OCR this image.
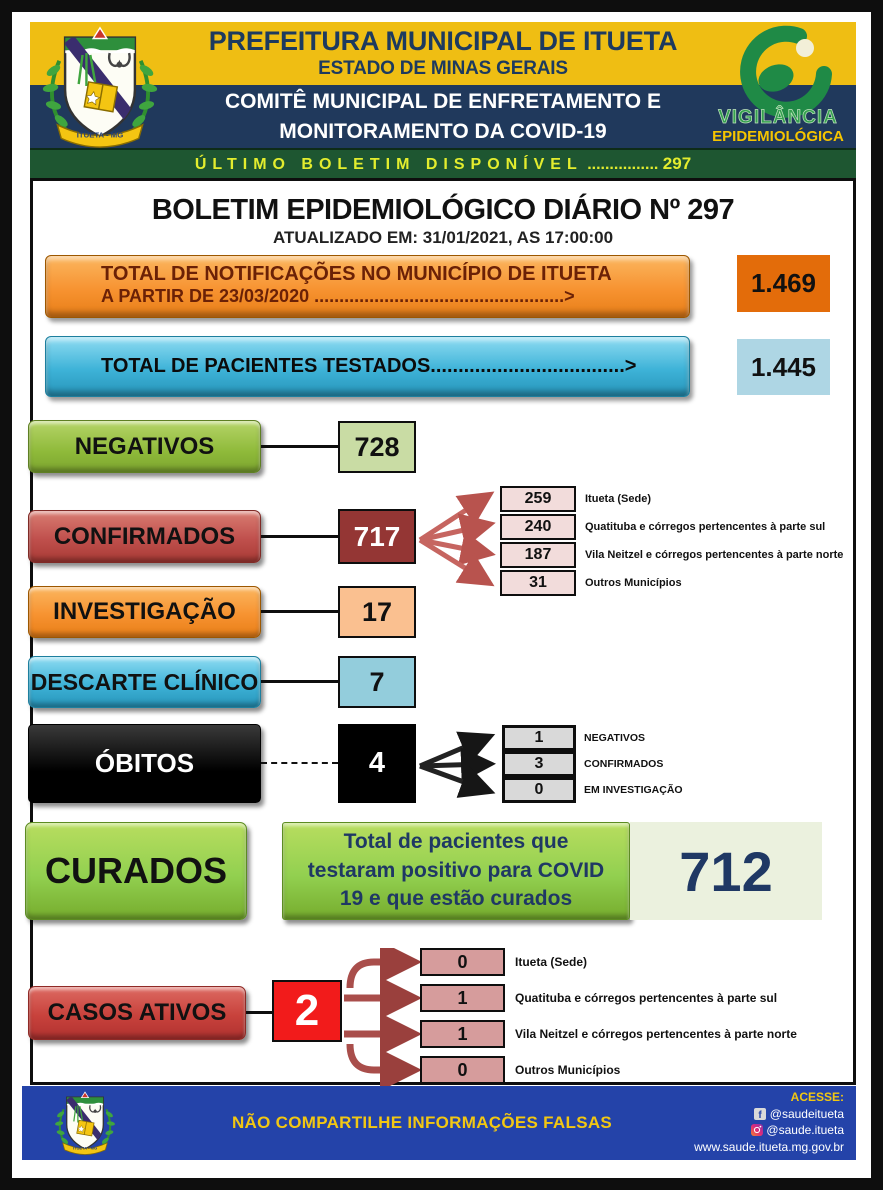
PREFEITURA MUNICIPAL DE ITUETA
ESTADO DE MINAS GERAIS
COMITÊ MUNICIPAL DE ENFRETAMENTO E
MONITORAMENTO DA COVID-19
ÚLTIMO BOLETIM DISPONÍVEL ................ 297
ITUETA - MG
VIGILÂNCIA
EPIDEMIOLÓGICA
BOLETIM EPIDEMIOLÓGICO DIÁRIO Nº 297
ATUALIZADO EM: 31/01/2021, AS 17:00:00
TOTAL DE NOTIFICAÇÕES NO MUNICÍPIO DE ITUETA
A PARTIR DE 23/03/2020 ..................................................>	1.469
TOTAL DE PACIENTES TESTADOS...................................>	1.445
NEGATIVOS	728
CONFIRMADOS	717
259	Itueta (Sede)
240	Quatituba e córregos pertencentes à parte sul
187	Vila Neitzel e córregos pertencentes à parte norte
31	Outros Municípios
INVESTIGAÇÃO	17
DESCARTE CLÍNICO	7
ÓBITOS	4
1	NEGATIVOS
3	CONFIRMADOS
0	EM INVESTIGAÇÃO
CURADOS
Total de pacientes que testaram positivo para COVID 19 e que estão curados	712
CASOS ATIVOS	2
0	Itueta (Sede)
1	Quatituba e córregos pertencentes à parte sul
1	Vila Neitzel e córregos pertencentes à parte norte
0	Outros Municípios
NÃO COMPARTILHE INFORMAÇÕES FALSAS
ACESSE:
f @saudeitueta
@saude.itueta
www.saude.itueta.mg.gov.br
